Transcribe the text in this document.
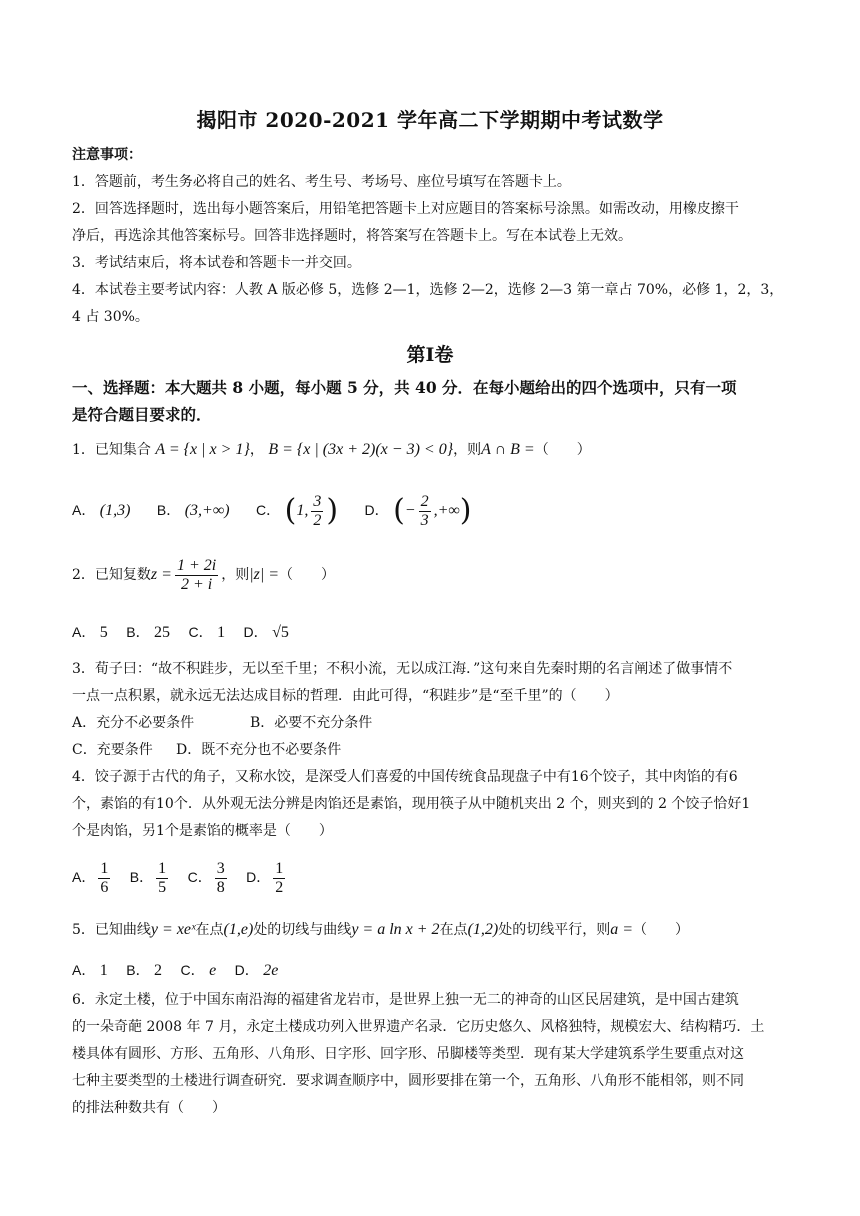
揭阳市 2020-2021 学年高二下学期期中考试数学
注意事项：
1．答题前，考生务必将自己的姓名、考生号、考场号、座位号填写在答题卡上。
2．回答选择题时，选出每小题答案后，用铅笔把答题卡上对应题目的答案标号涂黑。如需改动，用橡皮擦干
净后，再选涂其他答案标号。回答非选择题时，将答案写在答题卡上。写在本试卷上无效。
3．考试结束后，将本试卷和答题卡一并交回。
4．本试卷主要考试内容：人教 A 版必修 5，选修 2—1，选修 2—2，选修 2—3 第一章占 70%，必修 1，2，3，
4 占 30%。
第Ⅰ卷
一、选择题：本大题共 8 小题，每小题 5 分，共 40 分．在每小题给出的四个选项中，只有一项
是符合题目要求的．
1．已知集合 A = {x | x > 1}， B = {x | (3x + 2)(x − 3) < 0}，则A ∩ B =（　　）
A． (1,3) B． (3,+∞) C． (1, $\frac{3}{2}$ ) D． (− $\frac{2}{3}$ ,+∞)
2．已知复数$z = \frac{1 + 2i}{2 + i}$ ，则|z| =（　　）
A． 5 B． 25 C． 1 D． √5
3．荀子曰：“故不积跬步，无以至千里；不积小流，无以成江海．”这句来自先秦时期的名言阐述了做事情不
一点一点积累，就永远无法达成目标的哲理．由此可得，“积跬步”是“至千里”的（　　）
A．充分不必要条件	B．必要不充分条件
C．充要条件 D．既不充分也不必要条件
4．饺子源于古代的角子，又称水饺，是深受人们喜爱的中国传统食品现盘子中有16个饺子，其中肉馅的有6
个，素馅的有10个．从外观无法分辨是肉馅还是素馅，现用筷子从中随机夹出 2 个，则夹到的 2 个饺子恰好1
个是肉馅，另1个是素馅的概率是（　　）
A． $\frac{1}{6}$ B． $\frac{1}{5}$ C． $\frac{3}{8}$ D． $\frac{1}{2}$
5．已知曲线y = xeˣ在点(1,e)处的切线与曲线y = a ln x + 2在点(1,2)处的切线平行，则a =（　　）
A． 1 B． 2 C． e D． 2e
6．永定土楼，位于中国东南沿海的福建省龙岩市，是世界上独一无二的神奇的山区民居建筑，是中国古建筑
的一朵奇葩 2008 年 7 月，永定土楼成功列入世界遗产名录．它历史悠久、风格独特，规模宏大、结构精巧．土
楼具体有圆形、方形、五角形、八角形、日字形、回字形、吊脚楼等类型．现有某大学建筑系学生要重点对这
七种主要类型的土楼进行调查研究．要求调查顺序中，圆形要排在第一个，五角形、八角形不能相邻，则不同
的排法种数共有（　　）
